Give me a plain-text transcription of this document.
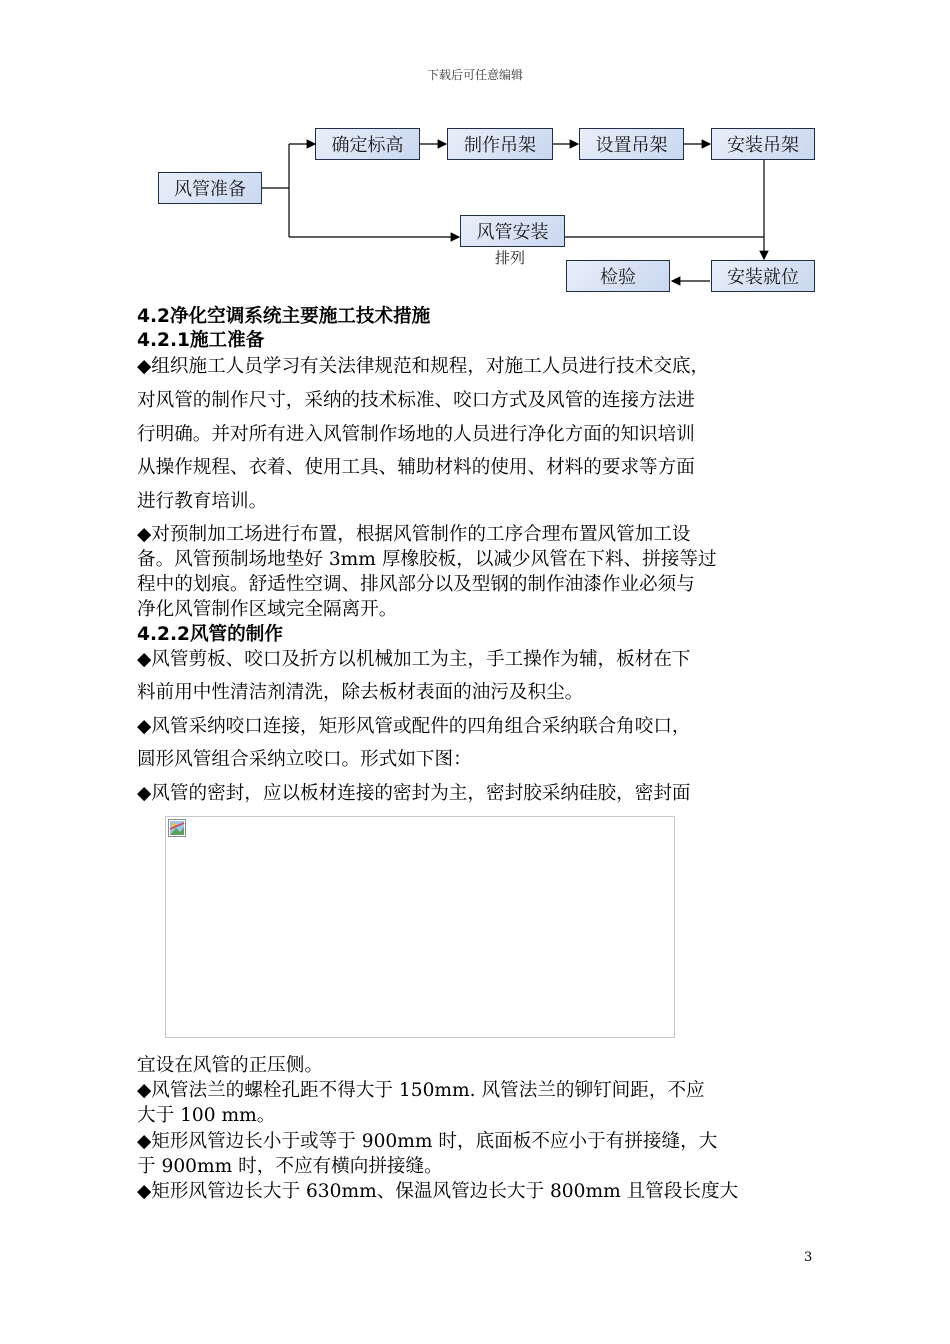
下载后可任意编辑
风管准备
确定标高	制作吊架	设置吊架	安装吊架
风管安装
排列
检验	安装就位
4.2净化空调系统主要施工技术措施
4.2.1施工准备
◆组织施工人员学习有关法律规范和规程，对施工人员进行技术交底，
对风管的制作尺寸，采纳的技术标准、咬口方式及风管的连接方法进
行明确。并对所有进入风管制作场地的人员进行净化方面的知识培训
从操作规程、衣着、使用工具、辅助材料的使用、材料的要求等方面
进行教育培训。
◆对预制加工场进行布置，根据风管制作的工序合理布置风管加工设
备。风管预制场地垫好 3mm 厚橡胶板，以减少风管在下料、拼接等过
程中的划痕。舒适性空调、排风部分以及型钢的制作油漆作业必须与
净化风管制作区域完全隔离开。
4.2.2风管的制作
◆风管剪板、咬口及折方以机械加工为主，手工操作为辅，板材在下
料前用中性清洁剂清洗，除去板材表面的油污及积尘。
◆风管采纳咬口连接，矩形风管或配件的四角组合采纳联合角咬口，
圆形风管组合采纳立咬口。形式如下图：
◆风管的密封，应以板材连接的密封为主，密封胶采纳硅胶，密封面
宜设在风管的正压侧。
◆风管法兰的螺栓孔距不得大于 150mm. 风管法兰的铆钉间距，不应
大于 100 mm。
◆矩形风管边长小于或等于 900mm 时，底面板不应小于有拼接缝，大
于 900mm 时，不应有横向拼接缝。
◆矩形风管边长大于 630mm、保温风管边长大于 800mm 且管段长度大
3
